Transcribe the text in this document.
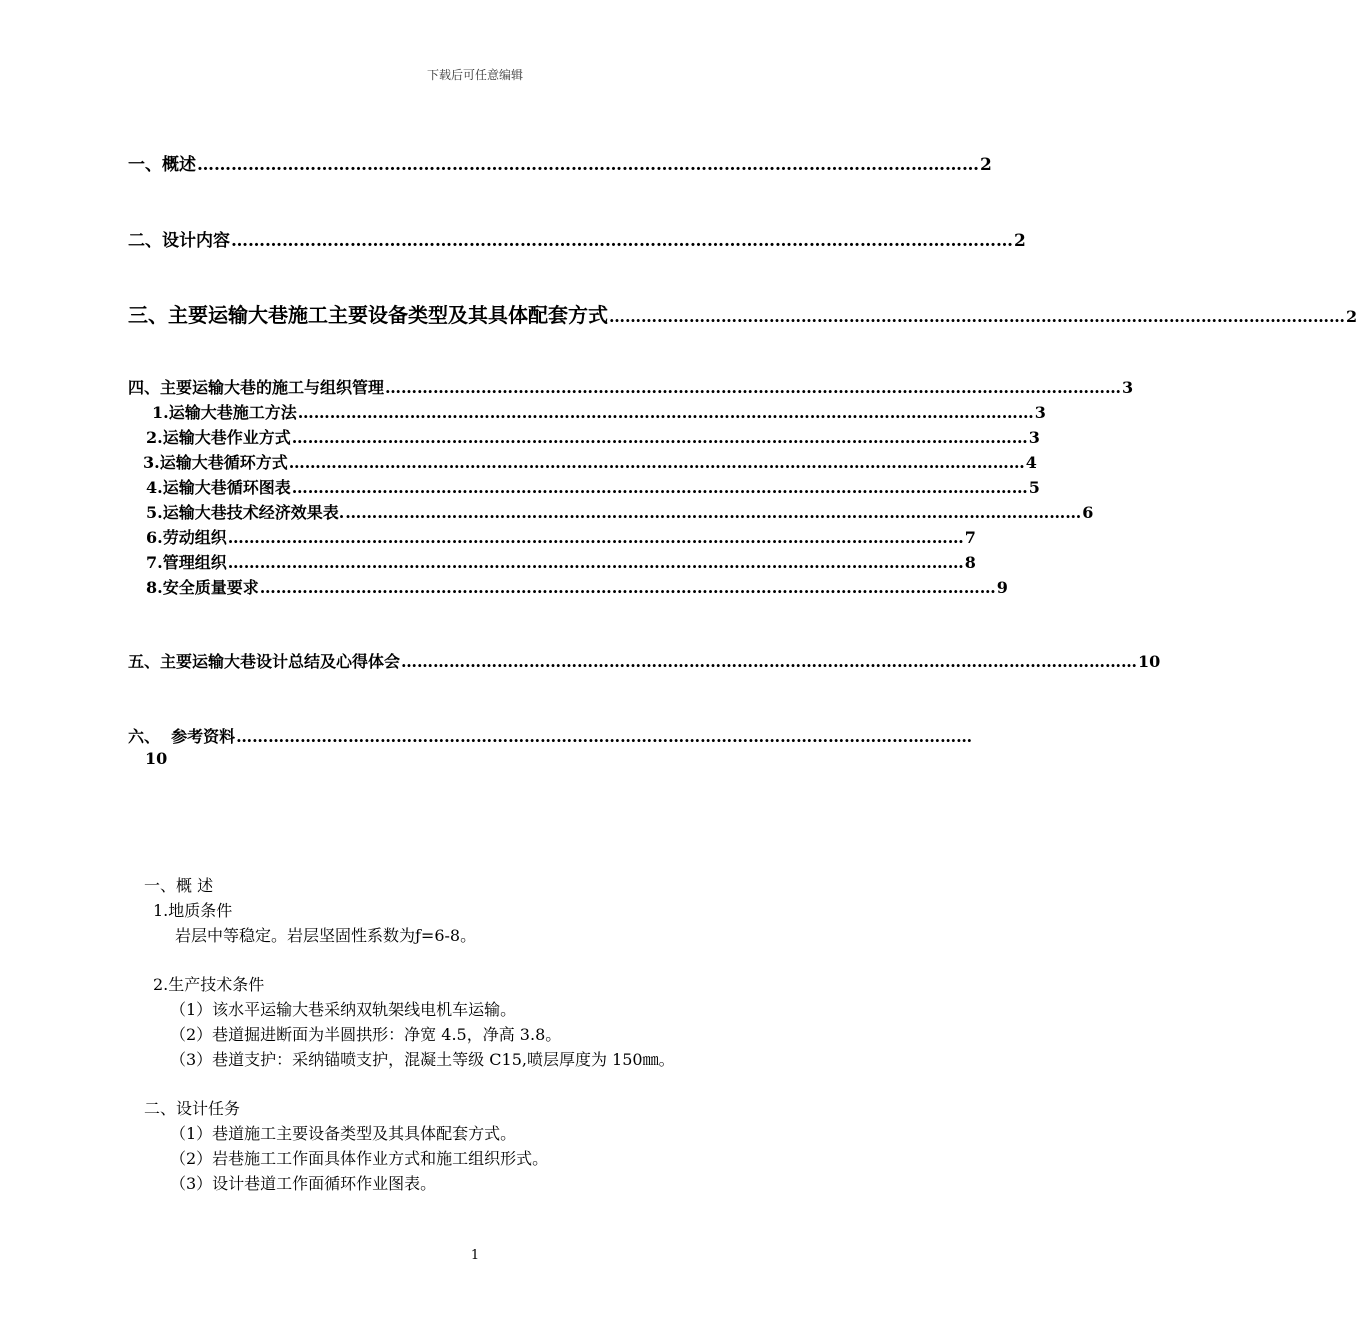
下载后可任意编辑
一、概述 ………………………………………………………………………………………………………………………… 2
二、设计内容 ………………………………………………………………………………………………………………………… 2
三、主要运输大巷施工主要设备类型及其具体配套方式 ………………………………………………………………………………………………………………………… 2
四、主要运输大巷的施工与组织管理 ………………………………………………………………………………………………………………………… 3
1.运输大巷施工方法 ………………………………………………………………………………………………………………………… 3
2.运输大巷作业方式 ………………………………………………………………………………………………………………………… 3
3.运输大巷循环方式 ………………………………………………………………………………………………………………………… 4
4.运输大巷循环图表 ………………………………………………………………………………………………………………………… 5
5.运输大巷技术经济效果表. ………………………………………………………………………………………………………………………… 6
6.劳动组织 ………………………………………………………………………………………………………………………… 7
7.管理组织 ………………………………………………………………………………………………………………………… 8
8.安全质量要求 ………………………………………………………………………………………………………………………… 9
五、主要运输大巷设计总结及心得体会 ………………………………………………………………………………………………………………………… 10
六、  参考资料 …………………………………………………………………………………………………………………………
10
一、概 述
1.地质条件
岩层中等稳定。岩层坚固性系数为ƒ=6-8。
2.生产技术条件
（1）该水平运输大巷采纳双轨架线电机车运输。
（2）巷道掘进断面为半圆拱形：净宽 4.5，净高 3.8。
（3）巷道支护：采纳锚喷支护，混凝土等级 C15,喷层厚度为 150㎜。
二、设计任务
（1）巷道施工主要设备类型及其具体配套方式。
（2）岩巷施工工作面具体作业方式和施工组织形式。
（3）设计巷道工作面循环作业图表。
1
